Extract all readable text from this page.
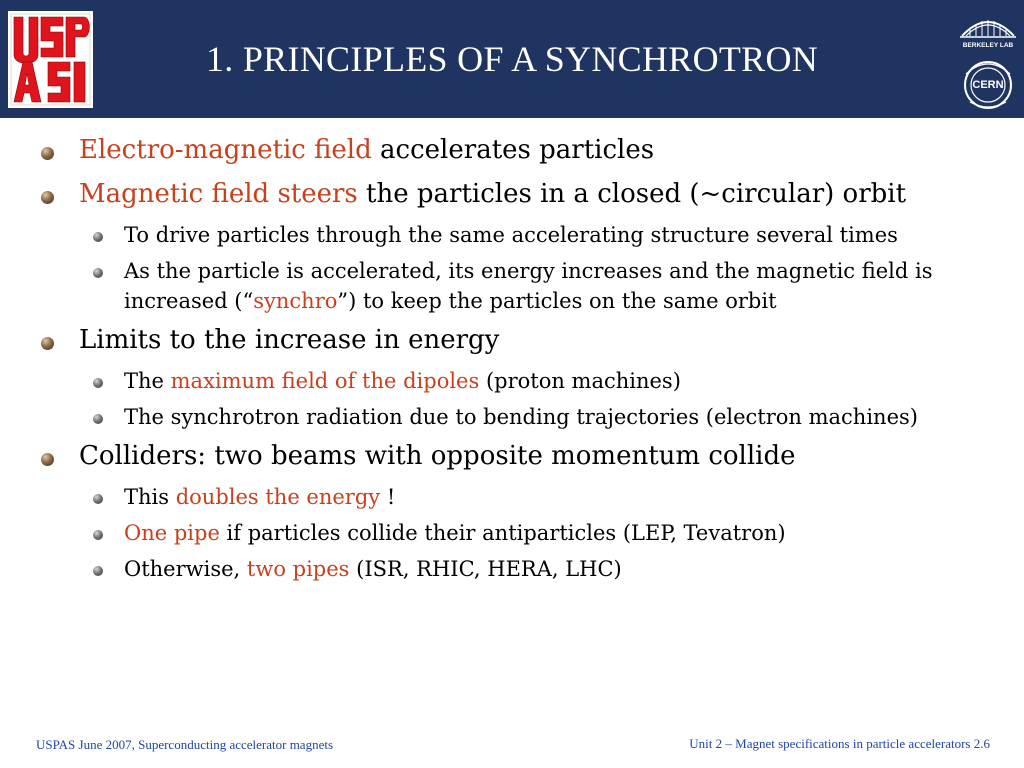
1. PRINCIPLES OF A SYNCHROTRON	BERKELEY LAB
CERN
Electro-magnetic field accelerates particles
Magnetic field steers the particles in a closed (~circular) orbit
To drive particles through the same accelerating structure several times
As the particle is accelerated, its energy increases and the magnetic field is increased (“synchro”) to keep the particles on the same orbit
Limits to the increase in energy
The maximum field of the dipoles (proton machines)
The synchrotron radiation due to bending trajectories (electron machines)
Colliders: two beams with opposite momentum collide
This doubles the energy !
One pipe if particles collide their antiparticles (LEP, Tevatron)
Otherwise, two pipes (ISR, RHIC, HERA, LHC)
USPAS June 2007, Superconducting accelerator magnets	Unit 2 – Magnet specifications in particle accelerators 2.6
